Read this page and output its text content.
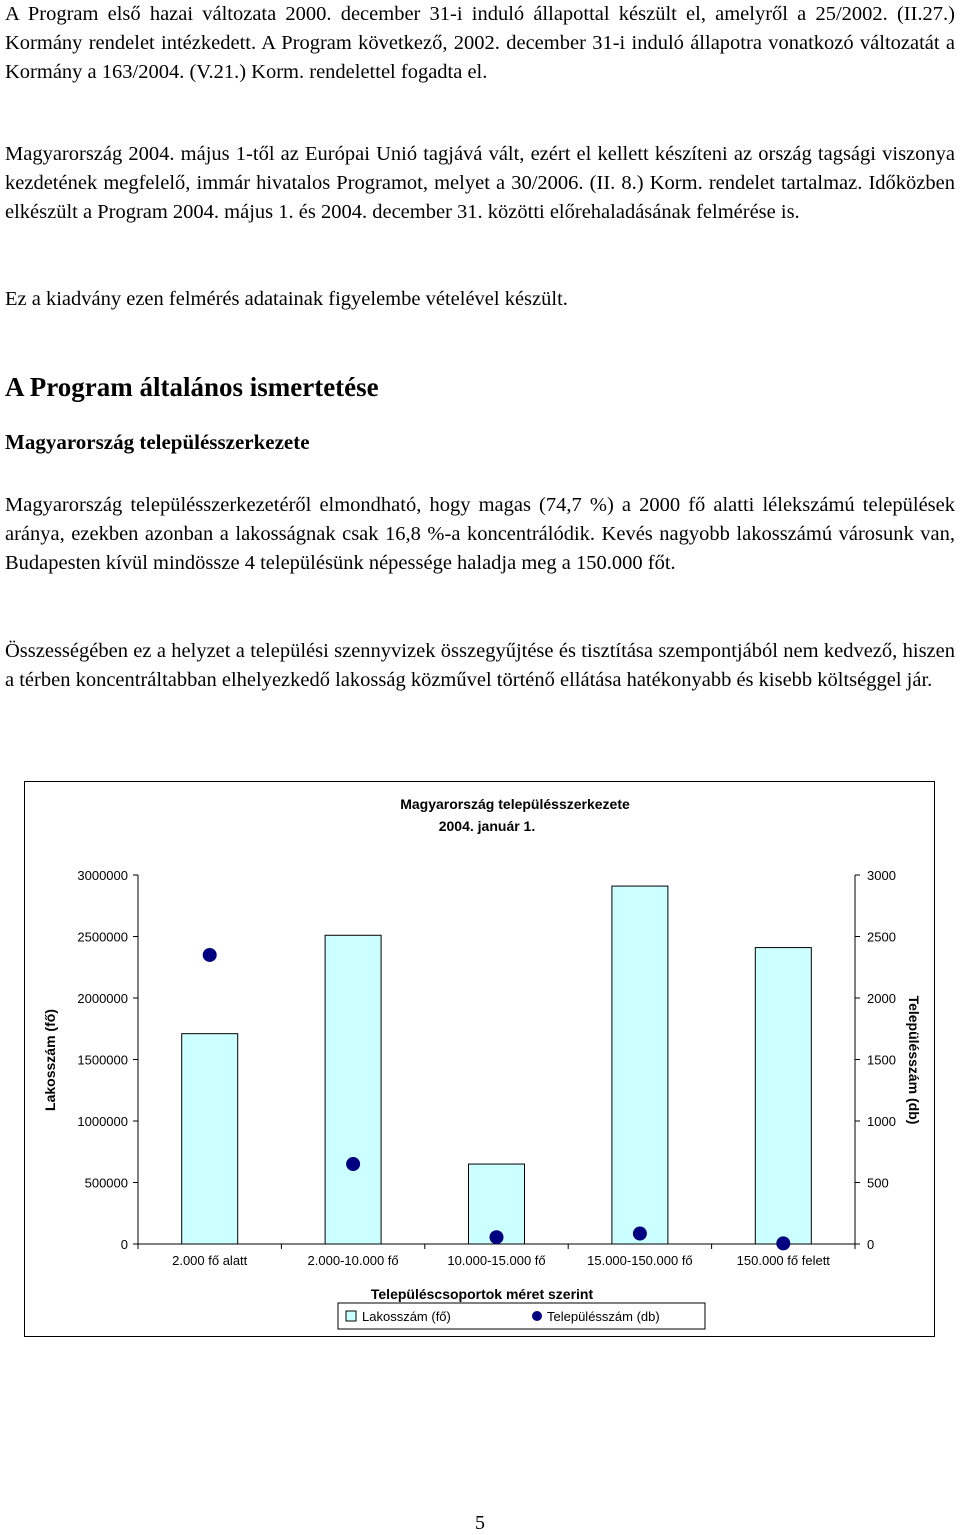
A Program első hazai változata 2000. december 31-i induló állapottal készült el, amelyről a 25/2002. (II.27.) Kormány rendelet intézkedett. A Program következő, 2002. december 31-i induló állapotra vonatkozó változatát a Kormány a 163/2004. (V.21.) Korm. rendelettel fogadta el.

Magyarország 2004. május 1-től az Európai Unió tagjává vált, ezért el kellett készíteni az ország tagsági viszonya kezdetének megfelelő, immár hivatalos Programot, melyet a 30/2006. (II. 8.) Korm. rendelet tartalmaz. Időközben elkészült a Program 2004. május 1. és 2004. december 31. közötti előrehaladásának felmérése is.

Ez a kiadvány ezen felmérés adatainak figyelembe vételével készült.

A Program általános ismertetése
Magyarország településszerkezete

Magyarország településszerkezetéről elmondható, hogy magas (74,7 %) a 2000 fő alatti lélekszámú települések aránya, ezekben azonban a lakosságnak csak 16,8 %-a koncentrálódik. Kevés nagyobb lakosszámú városunk van, Budapesten kívül mindössze 4 településünk népessége haladja meg a 150.000 főt.

Összességében ez a helyzet a települési szennyvizek összegyűjtése és tisztítása szempontjából nem kedvező, hiszen a térben koncentráltabban elhelyezkedő lakosság közművel történő ellátása hatékonyabb és kisebb költséggel jár.

Magyarország településszerkezete
2004. január 1.
Településcsoportok méret szerint
Lakosszám (fő)	Településszám (db)
0
500000
1000000
1500000
2000000
2500000
3000000
0
500
1000
1500
2000
2500
3000
2.000 fő alatt	2.000-10.000 fő	10.000-15.000 fő	15.000-150.000 fő	150.000 fő felett
Lakosszám (fő)	Településszám (db)
5
